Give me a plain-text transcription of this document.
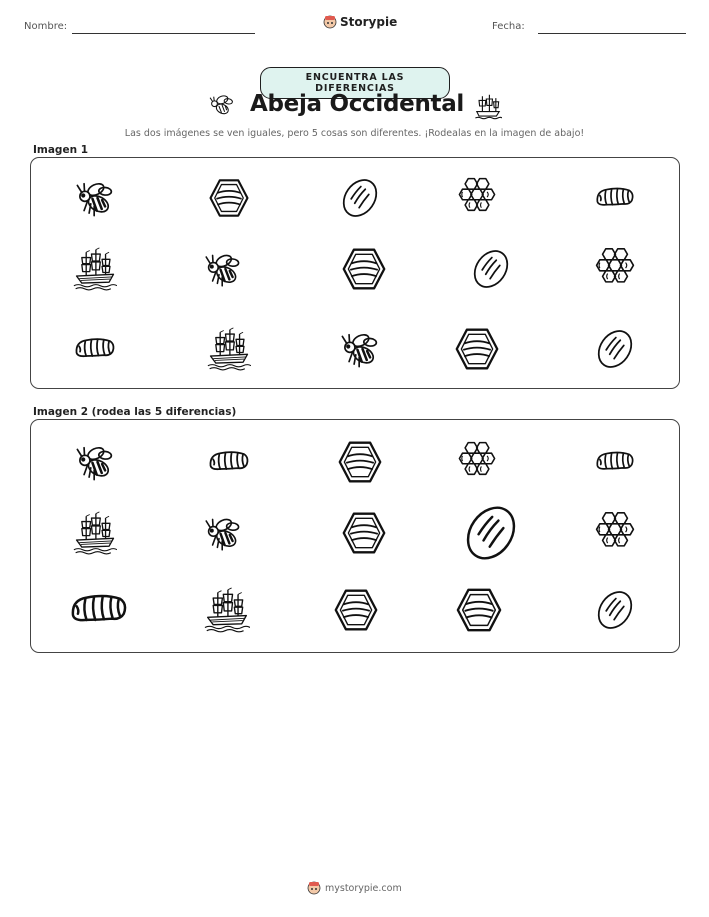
Nombre:	Storypie	Fecha:
ENCUENTRA LAS DIFERENCIAS
Abeja Occidental
Las dos imágenes se ven iguales, pero 5 cosas son diferentes. ¡Rodealas en la imagen de abajo!
Imagen 1
Imagen 2 (rodea las 5 diferencias)
mystorypie.com
